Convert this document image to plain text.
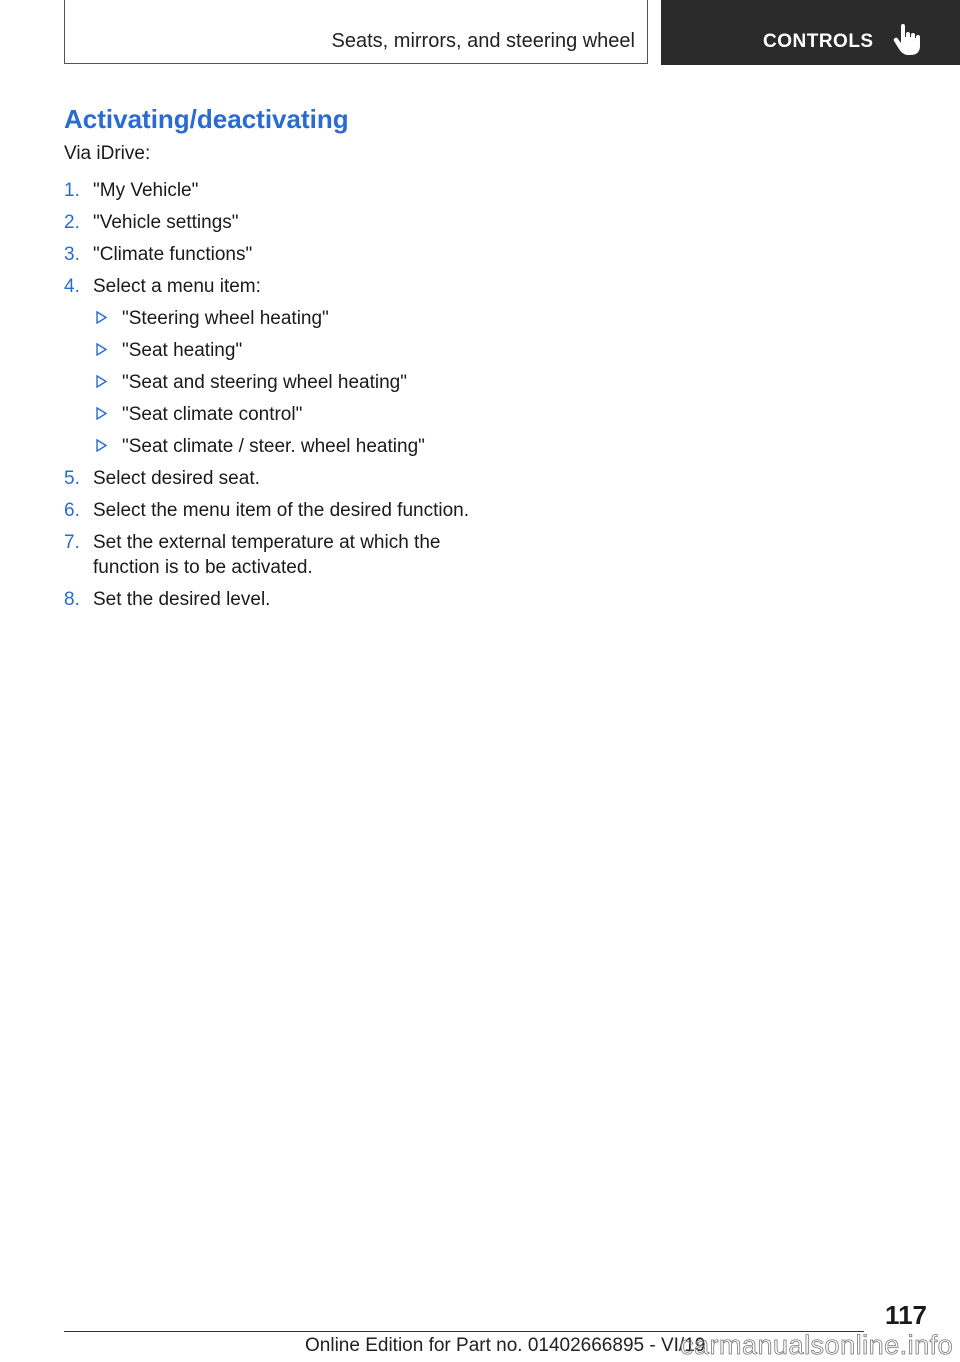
Seats, mirrors, and steering wheel	CONTROLS
Activating/deactivating
Via iDrive:
1. "My Vehicle"
2. "Vehicle settings"
3. "Climate functions"
4. Select a menu item:
"Steering wheel heating"
"Seat heating"
"Seat and steering wheel heating"
"Seat climate control"
"Seat climate / steer. wheel heating"
5. Select desired seat.
6. Select the menu item of the desired function.
7. Set the external temperature at which the function is to be activated.
8. Set the desired level.
117
Online Edition for Part no. 01402666895 - VI/19
carmanualsonline.info
